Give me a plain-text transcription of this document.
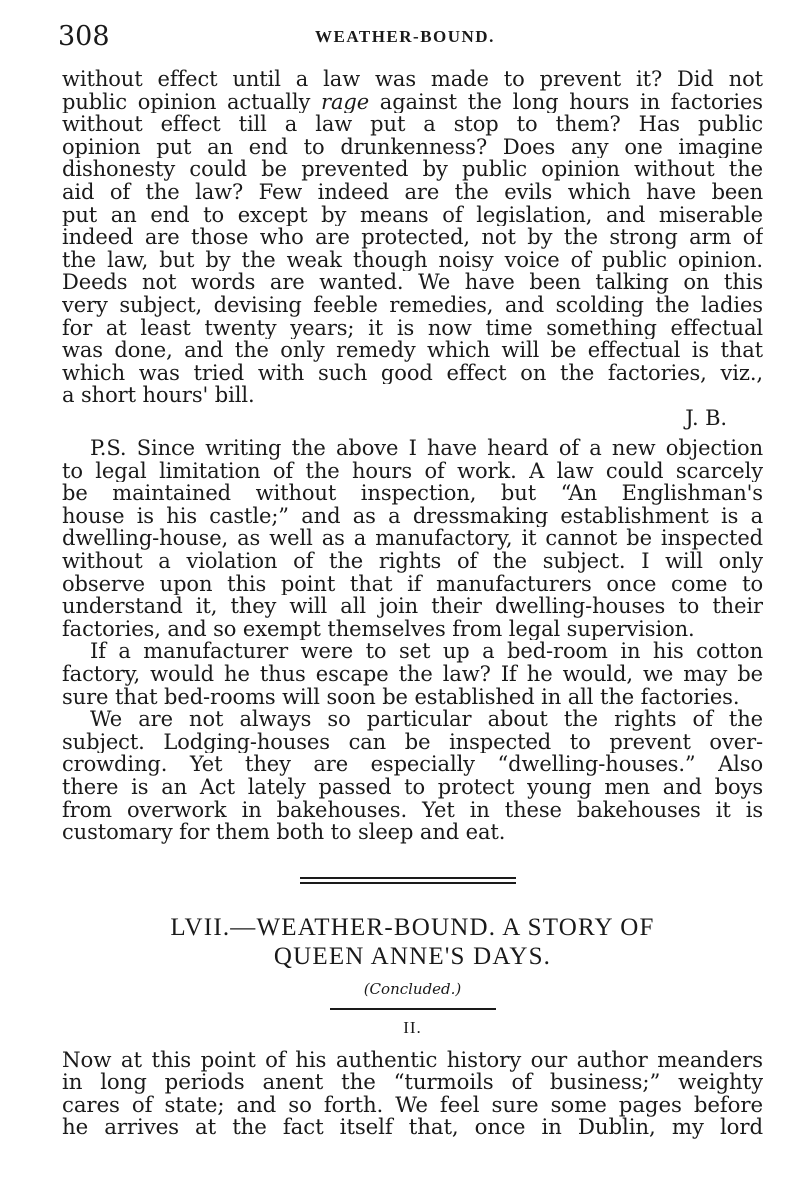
308	WEATHER-BOUND.
without effect until a law was made to prevent it? Did not
public opinion actually rage against the long hours in factories
without effect till a law put a stop to them? Has public
opinion put an end to drunkenness? Does any one imagine
dishonesty could be prevented by public opinion without the
aid of the law? Few indeed are the evils which have been
put an end to except by means of legislation, and miserable
indeed are those who are protected, not by the strong arm of
the law, but by the weak though noisy voice of public opinion.
Deeds not words are wanted. We have been talking on this
very subject, devising feeble remedies, and scolding the ladies
for at least twenty years; it is now time something effectual
was done, and the only remedy which will be effectual is that
which was tried with such good effect on the factories, viz.,
a short hours' bill.
J. B.
P.S. Since writing the above I have heard of a new objection
to legal limitation of the hours of work. A law could scarcely
be maintained without inspection, but “An Englishman's
house is his castle;” and as a dressmaking establishment is a
dwelling-house, as well as a manufactory, it cannot be inspected
without a violation of the rights of the subject. I will only
observe upon this point that if manufacturers once come to
understand it, they will all join their dwelling-houses to their
factories, and so exempt themselves from legal supervision.
If a manufacturer were to set up a bed-room in his cotton
factory, would he thus escape the law? If he would, we may be
sure that bed-rooms will soon be established in all the factories.
We are not always so particular about the rights of the
subject. Lodging-houses can be inspected to prevent over-
crowding. Yet they are especially “dwelling-houses.” Also
there is an Act lately passed to protect young men and boys
from overwork in bakehouses. Yet in these bakehouses it is
customary for them both to sleep and eat.
LVII.—WEATHER-BOUND. A STORY OF
QUEEN ANNE'S DAYS.
(Concluded.)
II.
Now at this point of his authentic history our author meanders
in long periods anent the “turmoils of business;” weighty
cares of state; and so forth. We feel sure some pages before
he arrives at the fact itself that, once in Dublin, my lord
